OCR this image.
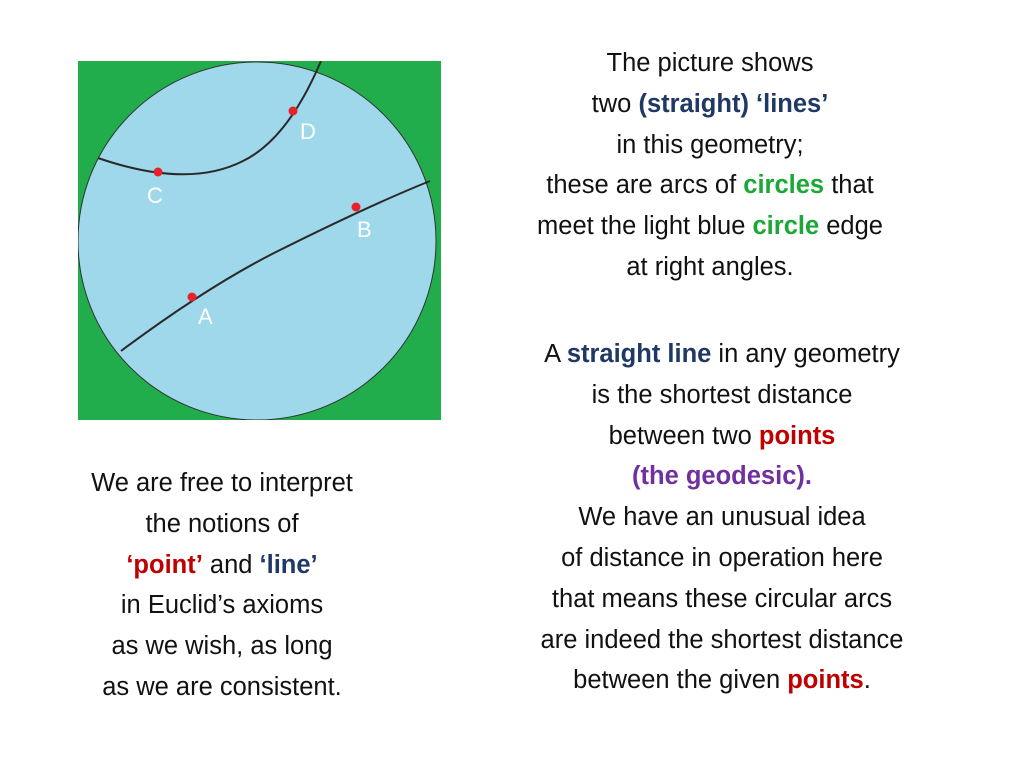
C
D
A
B
The picture shows
two (straight) ‘lines’
in this geometry;
these are arcs of circles that
meet the light blue circle edge
at right angles.
A straight line in any geometry
is the shortest distance
between two points
(the geodesic).
We have an unusual idea
of distance in operation here
that means these circular arcs
are indeed the shortest distance
between the given points.
We are free to interpret
the notions of
‘point’ and ‘line’
in Euclid’s axioms
as we wish, as long
as we are consistent.
